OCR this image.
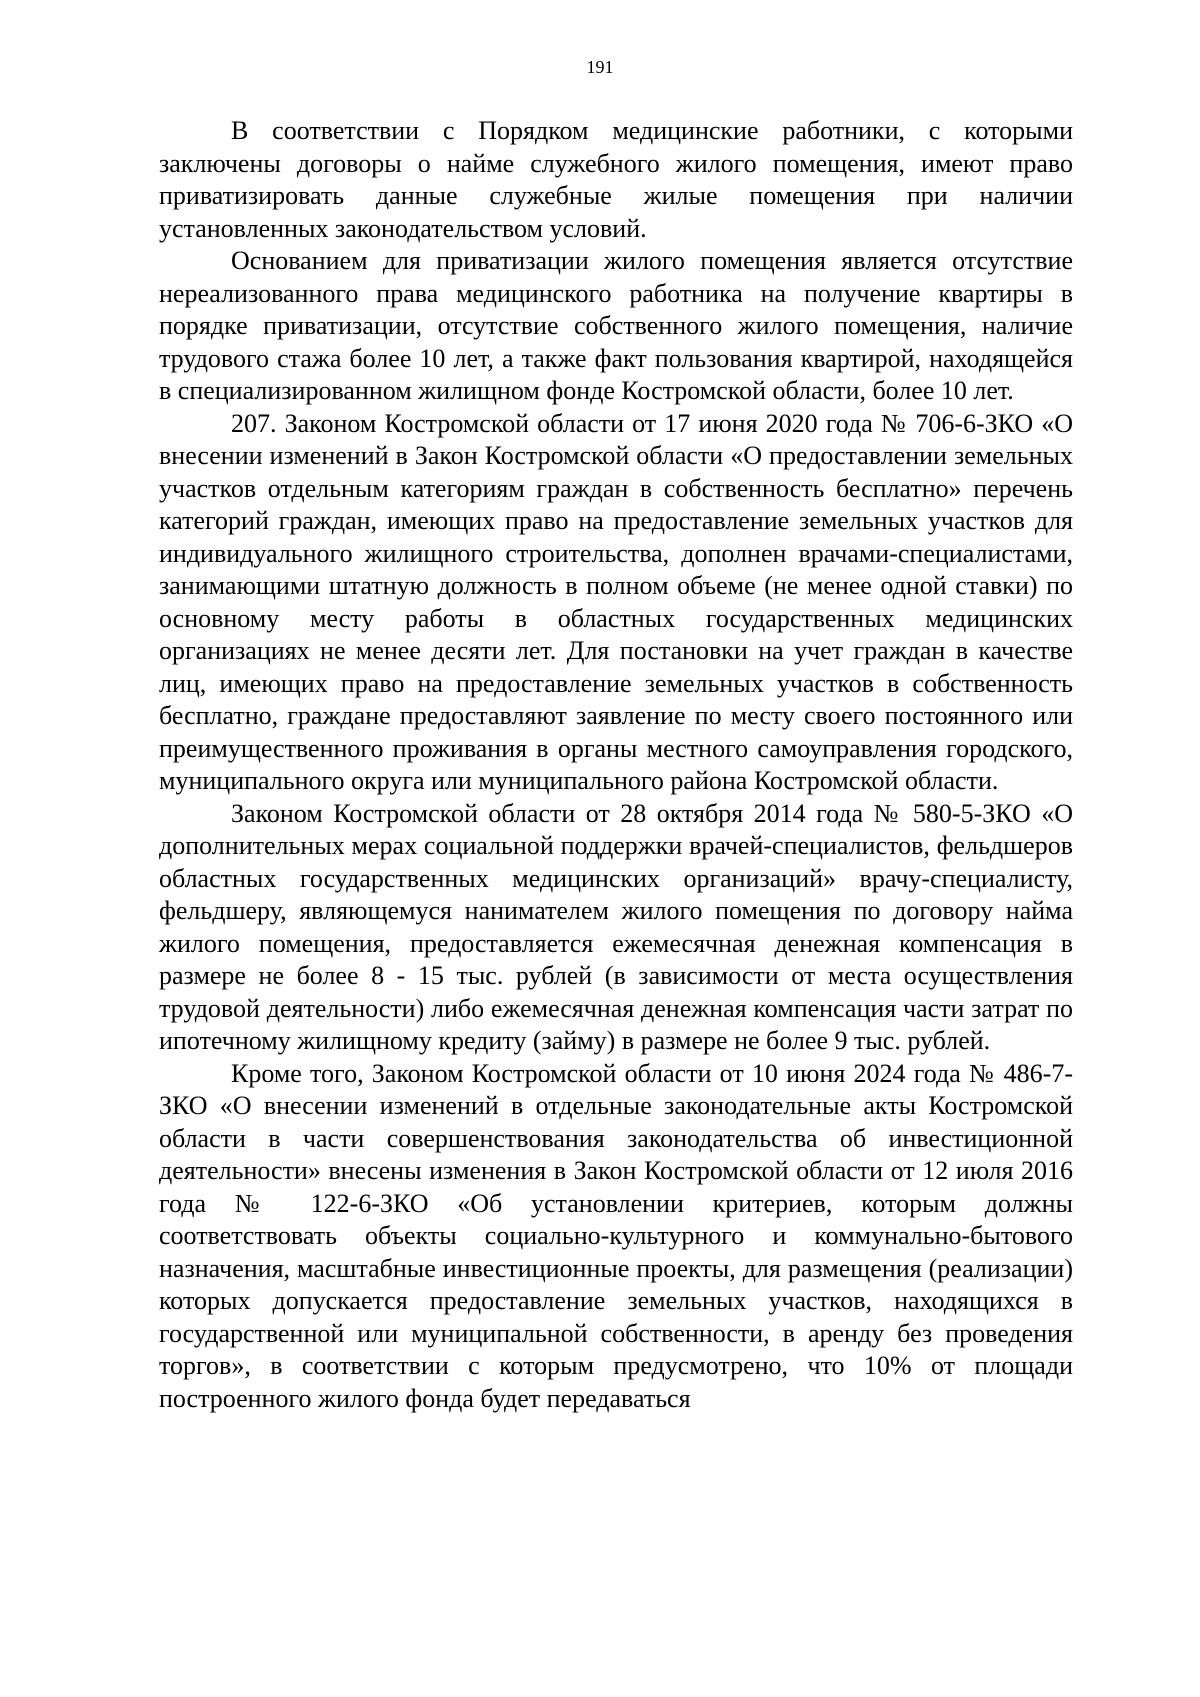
191

В соответствии с Порядком медицинские работники, с которыми заключены договоры о найме служебного жилого помещения, имеют право приватизировать данные служебные жилые помещения при наличии установленных законодательством условий.

Основанием для приватизации жилого помещения является отсутствие нереализованного права медицинского работника на получение квартиры в порядке приватизации, отсутствие собственного жилого помещения, наличие трудового стажа более 10 лет, а также факт пользования квартирой, находящейся в специализированном жилищном фонде Костромской области, более 10 лет.

207. Законом Костромской области от 17 июня 2020 года № 706-6-ЗКО «О внесении изменений в Закон Костромской области «О предоставлении земельных участков отдельным категориям граждан в собственность бесплатно» перечень категорий граждан, имеющих право на предоставление земельных участков для индивидуального жилищного строительства, дополнен врачами-специалистами, занимающими штатную должность в полном объеме (не менее одной ставки) по основному месту работы в областных государственных медицинских организациях не менее десяти лет. Для постановки на учет граждан в качестве лиц, имеющих право на предоставление земельных участков в собственность бесплатно, граждане предоставляют заявление по месту своего постоянного или преимущественного проживания в органы местного самоуправления городского, муниципального округа или муниципального района Костромской области.

Законом Костромской области от 28 октября 2014 года № 580-5-ЗКО «О дополнительных мерах социальной поддержки врачей-специалистов, фельдшеров областных государственных медицинских организаций» врачу-специалисту, фельдшеру, являющемуся нанимателем жилого помещения по договору найма жилого помещения, предоставляется ежемесячная денежная компенсация в размере не более 8 - 15 тыс. рублей (в зависимости от места осуществления трудовой деятельности) либо ежемесячная денежная компенсация части затрат по ипотечному жилищному кредиту (займу) в размере не более 9 тыс. рублей.

Кроме того, Законом Костромской области от 10 июня 2024 года № 486-7-ЗКО «О внесении изменений в отдельные законодательные акты Костромской области в части совершенствования законодательства об инвестиционной деятельности» внесены изменения в Закон Костромской области от 12 июля 2016 года № 122-6-ЗКО «Об установлении критериев, которым должны соответствовать объекты социально-культурного и коммунально-бытового назначения, масштабные инвестиционные проекты, для размещения (реализации) которых допускается предоставление земельных участков, находящихся в государственной или муниципальной собственности, в аренду без проведения торгов», в соответствии с которым предусмотрено, что 10% от площади построенного жилого фонда будет передаваться
